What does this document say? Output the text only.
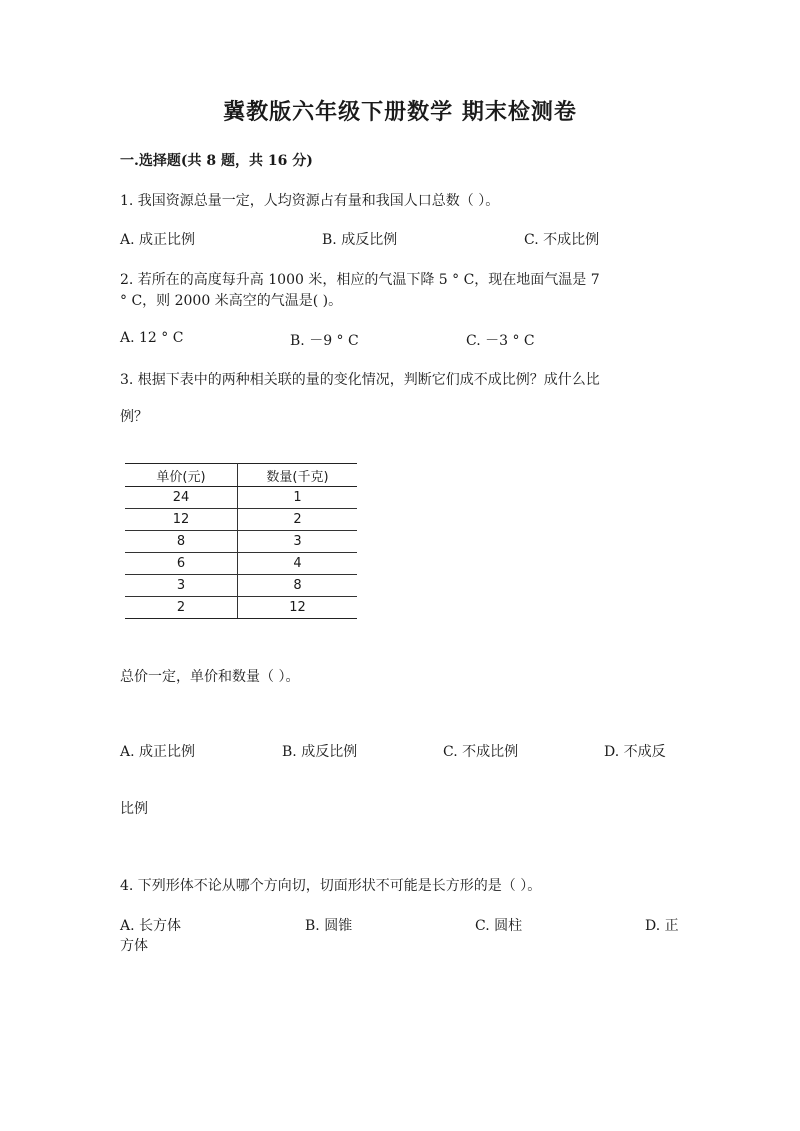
冀教版六年级下册数学 期末检测卷
一.选择题(共 8 题，共 16 分)
1. 我国资源总量一定，人均资源占有量和我国人口总数（ ）。
A. 成正比例	B. 成反比例	C. 不成比例
2. 若所在的高度每升高 1000 米，相应的气温下降 5 ° C，现在地面气温是 7
° C，则 2000 米高空的气温是( )。
A. 12 ° C	B. －9 ° C	C. －3 ° C
3. 根据下表中的两种相关联的量的变化情况，判断它们成不成比例？成什么比
例？
单价(元)	数量(千克)
24	1
12	2
8	3
6	4
3	8
2	12
总价一定，单价和数量（ ）。
A. 成正比例	B. 成反比例	C. 不成比例	D. 不成反
比例
4. 下列形体不论从哪个方向切，切面形状不可能是长方形的是（ ）。
A. 长方体	B. 圆锥	C. 圆柱	D. 正
方体
